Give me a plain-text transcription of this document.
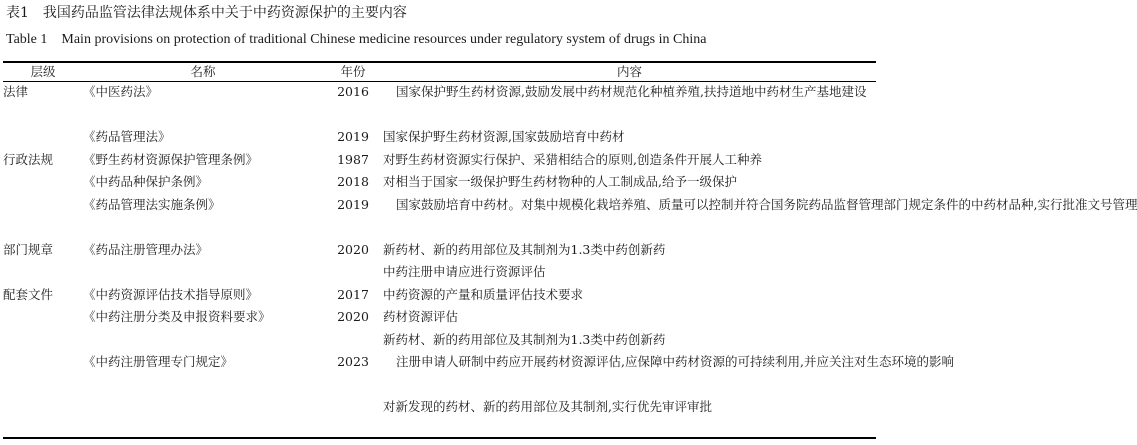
表1　我国药品监管法律法规体系中关于中药资源保护的主要内容
Table 1　Main provisions on protection of traditional Chinese medicine resources under regulatory system of drugs in China
层级	名称	年份	内容
法律	《中医药法》	2016	国家保护野生药材资源,鼓励发展中药材规范化种植养殖,扶持道地中药材生产基地建设
	《药品管理法》	2019	国家保护野生药材资源,国家鼓励培育中药材
行政法规	《野生药材资源保护管理条例》	1987	对野生药材资源实行保护、采猎相结合的原则,创造条件开展人工种养
	《中药品种保护条例》	2018	对相当于国家一级保护野生药材物种的人工制成品,给予一级保护
	《药品管理法实施条例》	2019	国家鼓励培育中药材。对集中规模化栽培养殖、质量可以控制并符合国务院药品监督管理部门规定条件的中药材品种,实行批准文号管理
部门规章	《药品注册管理办法》	2020	新药材、新的药用部位及其制剂为1.3类中药创新药
			中药注册申请应进行资源评估
配套文件	《中药资源评估技术指导原则》	2017	中药资源的产量和质量评估技术要求
	《中药注册分类及申报资料要求》	2020	药材资源评估
			新药材、新的药用部位及其制剂为1.3类中药创新药
	《中药注册管理专门规定》	2023	注册申请人研制中药应开展药材资源评估,应保障中药材资源的可持续利用,并应关注对生态环境的影响
			对新发现的药材、新的药用部位及其制剂,实行优先审评审批
